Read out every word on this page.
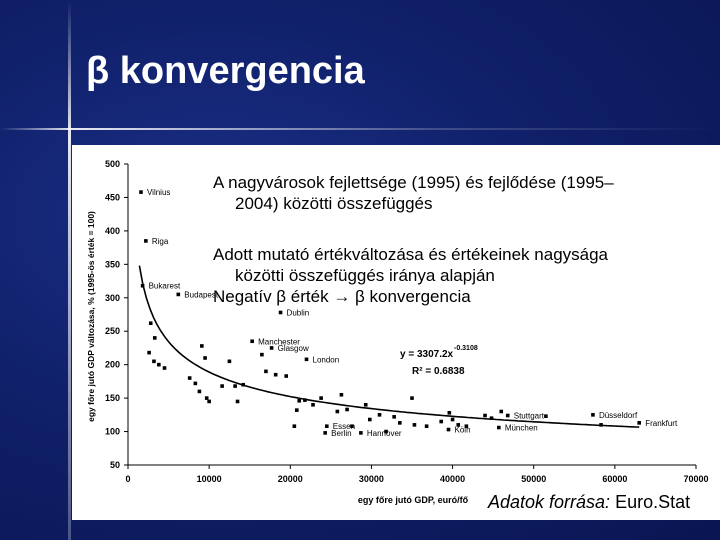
β konvergencia
50
100
150
200
250
300
350
400
450
500
0	10000	20000	30000	40000	50000	60000	70000
egy főre jutó GDP, euró/fő
egy főre jutó GDP változása, % (1995-ös érték = 100)
Vilnius
Riga
Bukarest
Budapest
Dublin
Manchester
Glasgow
London
Stuttgart
München
Düsseldorf
Frankfurt
Essen
Hannover
Berlin	Köln
y = 3307.2x
-0.3108
R² = 0.6838
A nagyvárosok fejlettsége (1995) és fejlődése (1995–
2004) közötti összefüggés
Adott mutató értékváltozása és értékeinek nagysága
közötti összefüggés iránya alapján
Negatív β érték → β konvergencia
Adatok forrása: Euro.Stat
